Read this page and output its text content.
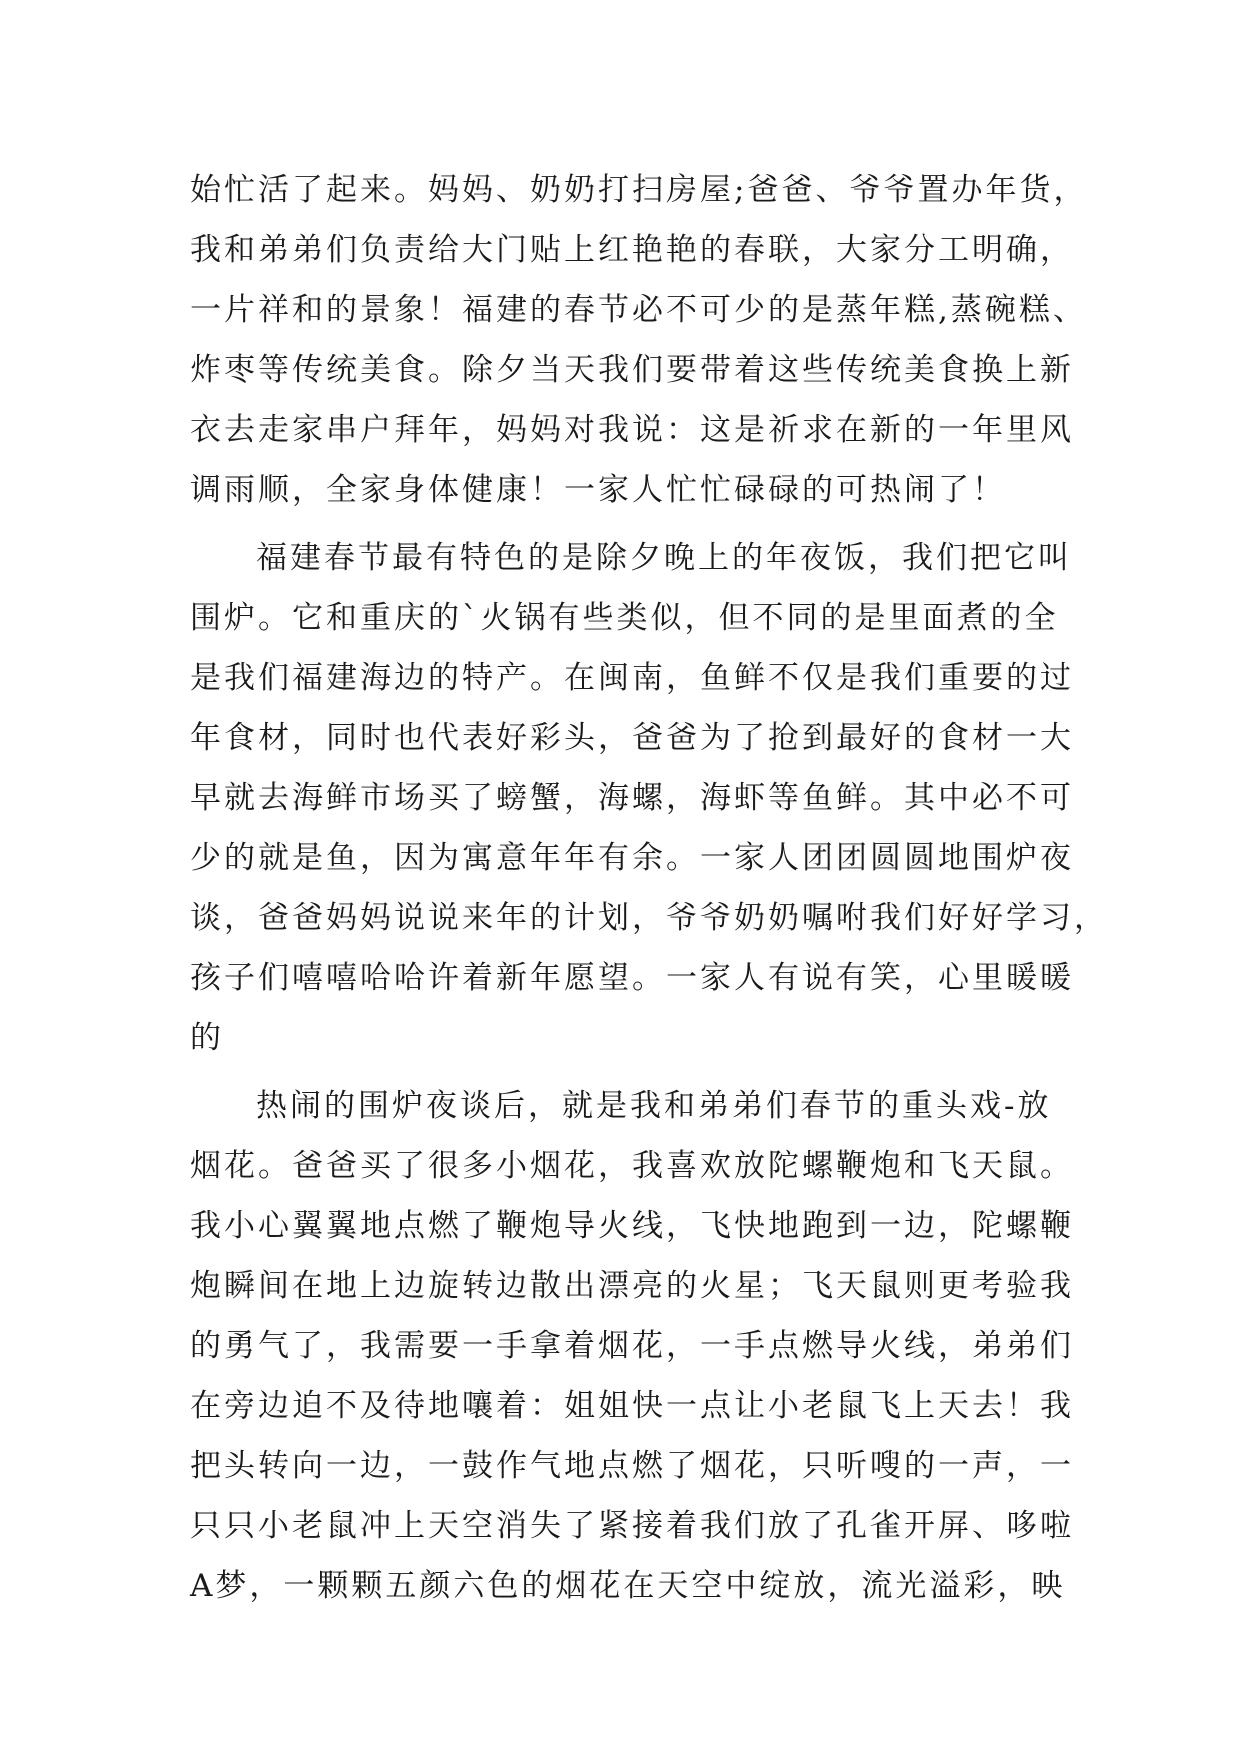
始忙活了起来。妈妈、奶奶打扫房屋;爸爸、爷爷置办年货，
我和弟弟们负责给大门贴上红艳艳的春联，大家分工明确，
一片祥和的景象！福建的春节必不可少的是蒸年糕,蒸碗糕、
炸枣等传统美食。除夕当天我们要带着这些传统美食换上新
衣去走家串户拜年，妈妈对我说：这是祈求在新的一年里风
调雨顺，全家身体健康！一家人忙忙碌碌的可热闹了！
福建春节最有特色的是除夕晚上的年夜饭，我们把它叫
围炉。它和重庆的`火锅有些类似，但不同的是里面煮的全
是我们福建海边的特产。在闽南，鱼鲜不仅是我们重要的过
年食材，同时也代表好彩头，爸爸为了抢到最好的食材一大
早就去海鲜市场买了螃蟹，海螺，海虾等鱼鲜。其中必不可
少的就是鱼，因为寓意年年有余。一家人团团圆圆地围炉夜
谈，爸爸妈妈说说来年的计划，爷爷奶奶嘱咐我们好好学习，
孩子们嘻嘻哈哈许着新年愿望。一家人有说有笑，心里暖暖
的
热闹的围炉夜谈后，就是我和弟弟们春节的重头戏-放
烟花。爸爸买了很多小烟花，我喜欢放陀螺鞭炮和飞天鼠。
我小心翼翼地点燃了鞭炮导火线，飞快地跑到一边，陀螺鞭
炮瞬间在地上边旋转边散出漂亮的火星；飞天鼠则更考验我
的勇气了，我需要一手拿着烟花，一手点燃导火线，弟弟们
在旁边迫不及待地嚷着：姐姐快一点让小老鼠飞上天去！我
把头转向一边，一鼓作气地点燃了烟花，只听嗖的一声，一
只只小老鼠冲上天空消失了紧接着我们放了孔雀开屏、哆啦
A梦，一颗颗五颜六色的烟花在天空中绽放，流光溢彩，映
